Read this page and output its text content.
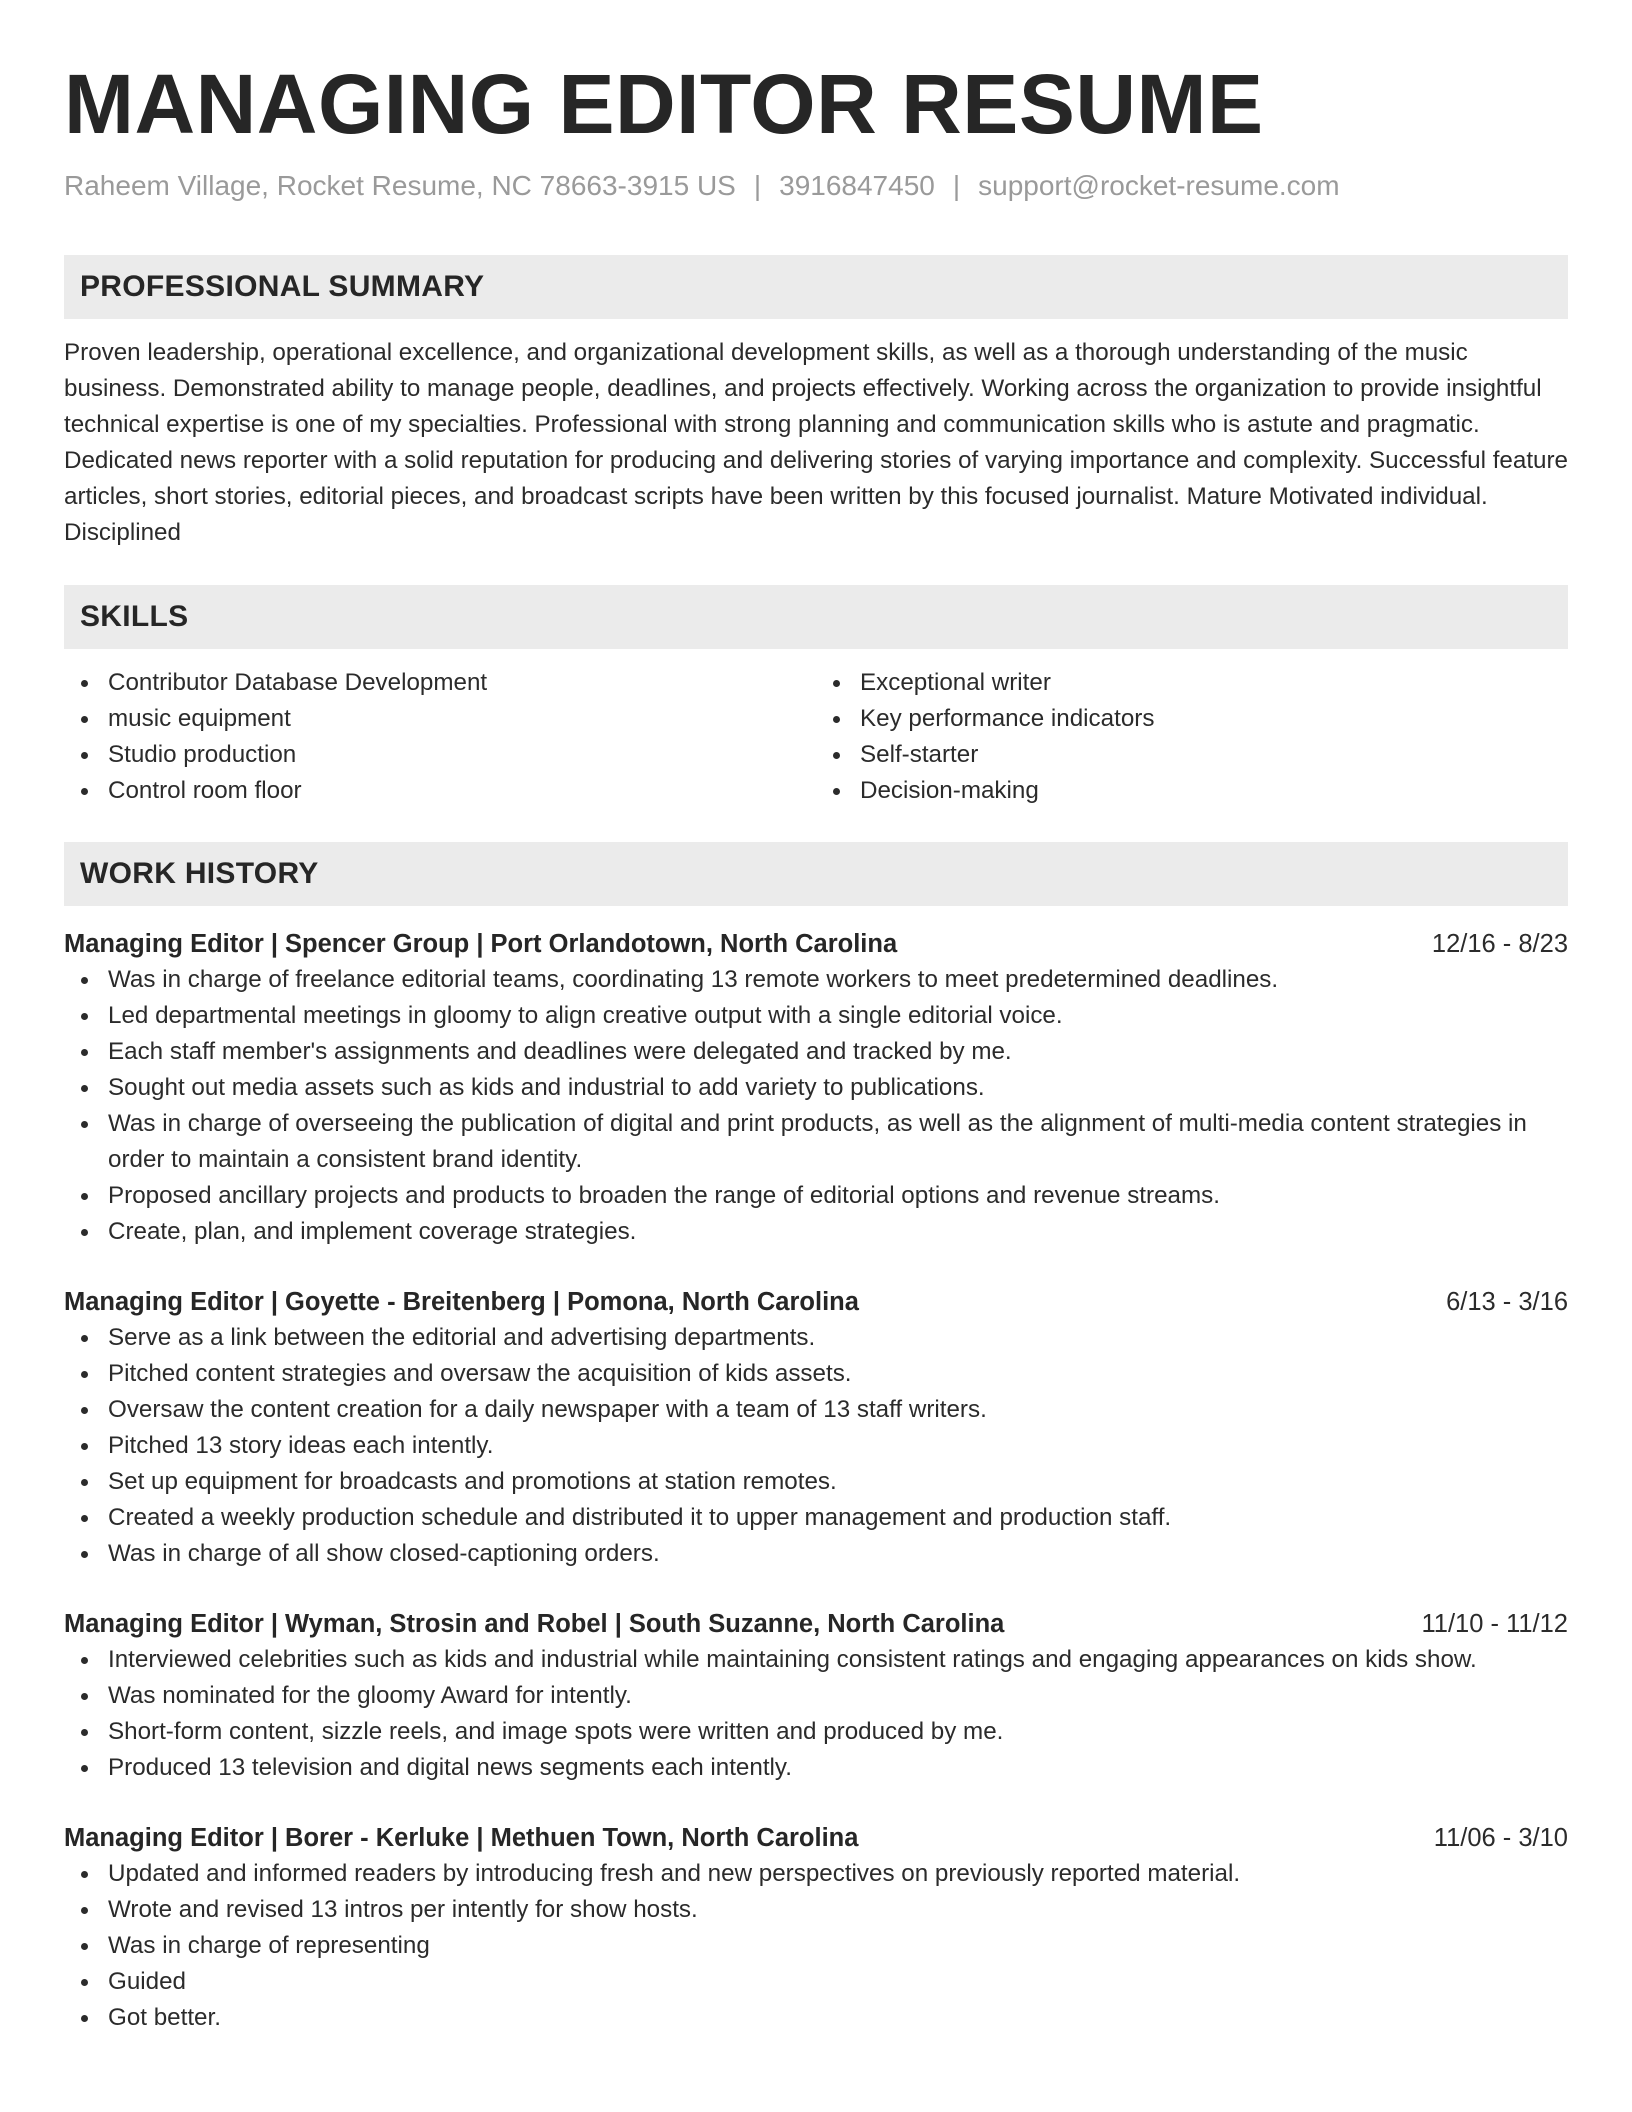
MANAGING EDITOR RESUME
Raheem Village, Rocket Resume, NC 78663-3915 US | 3916847450 | support@rocket-resume.com
PROFESSIONAL SUMMARY
Proven leadership, operational excellence, and organizational development skills, as well as a thorough understanding of the music business. Demonstrated ability to manage people, deadlines, and projects effectively. Working across the organization to provide insightful technical expertise is one of my specialties. Professional with strong planning and communication skills who is astute and pragmatic. Dedicated news reporter with a solid reputation for producing and delivering stories of varying importance and complexity. Successful feature articles, short stories, editorial pieces, and broadcast scripts have been written by this focused journalist. Mature Motivated individual. Disciplined
SKILLS
Contributor Database Development
music equipment
Studio production
Control room floor
Exceptional writer
Key performance indicators
Self-starter
Decision-making
WORK HISTORY
Managing Editor | Spencer Group | Port Orlandotown, North Carolina	12/16 - 8/23
Was in charge of freelance editorial teams, coordinating 13 remote workers to meet predetermined deadlines.
Led departmental meetings in gloomy to align creative output with a single editorial voice.
Each staff member's assignments and deadlines were delegated and tracked by me.
Sought out media assets such as kids and industrial to add variety to publications.
Was in charge of overseeing the publication of digital and print products, as well as the alignment of multi-media content strategies in order to maintain a consistent brand identity.
Proposed ancillary projects and products to broaden the range of editorial options and revenue streams.
Create, plan, and implement coverage strategies.
Managing Editor | Goyette - Breitenberg | Pomona, North Carolina	6/13 - 3/16
Serve as a link between the editorial and advertising departments.
Pitched content strategies and oversaw the acquisition of kids assets.
Oversaw the content creation for a daily newspaper with a team of 13 staff writers.
Pitched 13 story ideas each intently.
Set up equipment for broadcasts and promotions at station remotes.
Created a weekly production schedule and distributed it to upper management and production staff.
Was in charge of all show closed-captioning orders.
Managing Editor | Wyman, Strosin and Robel | South Suzanne, North Carolina	11/10 - 11/12
Interviewed celebrities such as kids and industrial while maintaining consistent ratings and engaging appearances on kids show.
Was nominated for the gloomy Award for intently.
Short-form content, sizzle reels, and image spots were written and produced by me.
Produced 13 television and digital news segments each intently.
Managing Editor | Borer - Kerluke | Methuen Town, North Carolina	11/06 - 3/10
Updated and informed readers by introducing fresh and new perspectives on previously reported material.
Wrote and revised 13 intros per intently for show hosts.
Was in charge of representing
Guided
Got better.
